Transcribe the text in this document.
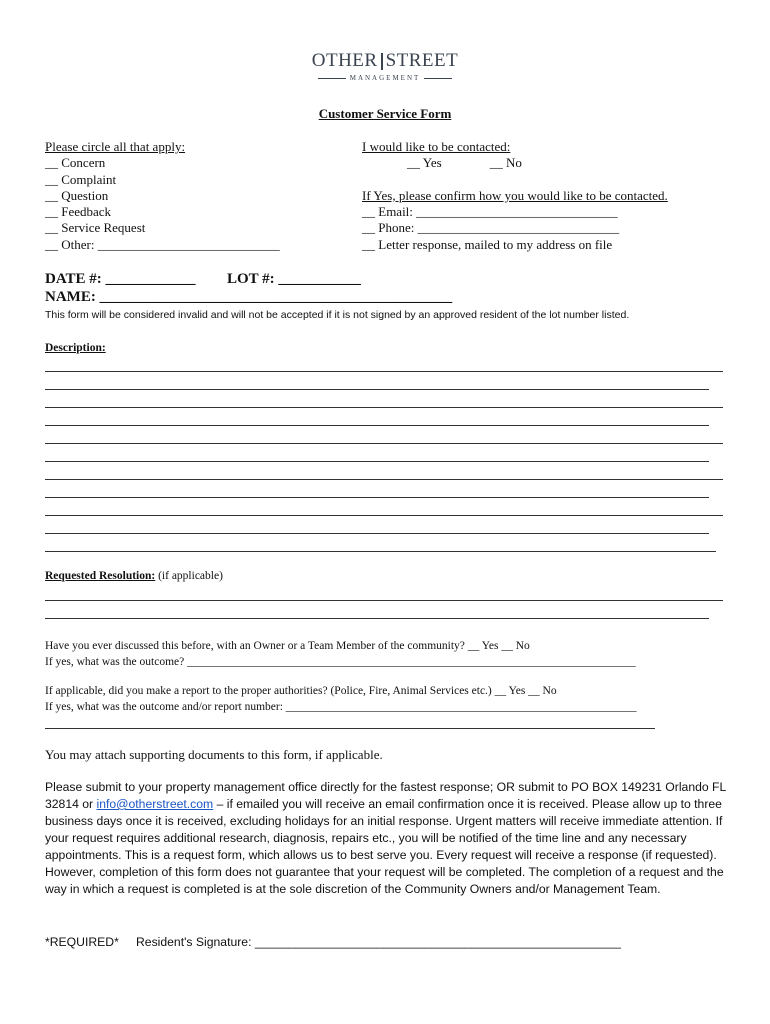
OTHER STREET
MANAGEMENT
Customer Service Form
Please circle all that apply:
__ Concern
__ Complaint
__ Question
__ Feedback
__ Service Request
__ Other: ____________________________
I would like to be contacted:
__ Yes	__ No
If Yes, please confirm how you would like to be contacted.
__ Email: _______________________________
__ Phone: _______________________________
__ Letter response, mailed to my address on file
DATE #: ____________ LOT #: ___________
NAME: _______________________________________________
This form will be considered invalid and will not be accepted if it is not signed by an approved resident of the lot number listed.
Description:
Requested Resolution: (if applicable)
Have you ever discussed this before, with an Owner or a Team Member of the community? __ Yes __ No
If yes, what was the outcome? ______________________________________________________________________________
If applicable, did you make a report to the proper authorities? (Police, Fire, Animal Services etc.) __ Yes __ No
If yes, what was the outcome and/or report number: _____________________________________________________________
You may attach supporting documents to this form, if applicable.
Please submit to your property management office directly for the fastest response; OR submit to PO BOX 149231 Orlando FL 32814 or info@otherstreet.com – if emailed you will receive an email confirmation once it is received. Please allow up to three business days once it is received, excluding holidays for an initial response. Urgent matters will receive immediate attention. If your request requires additional research, diagnosis, repairs etc., you will be notified of the time line and any necessary appointments. This is a request form, which allows us to best serve you. Every request will receive a response (if requested). However, completion of this form does not guarantee that your request will be completed. The completion of a request and the way in which a request is completed is at the sole discretion of the Community Owners and/or Management Team.
*REQUIRED* Resident's Signature: ______________________________________________________
